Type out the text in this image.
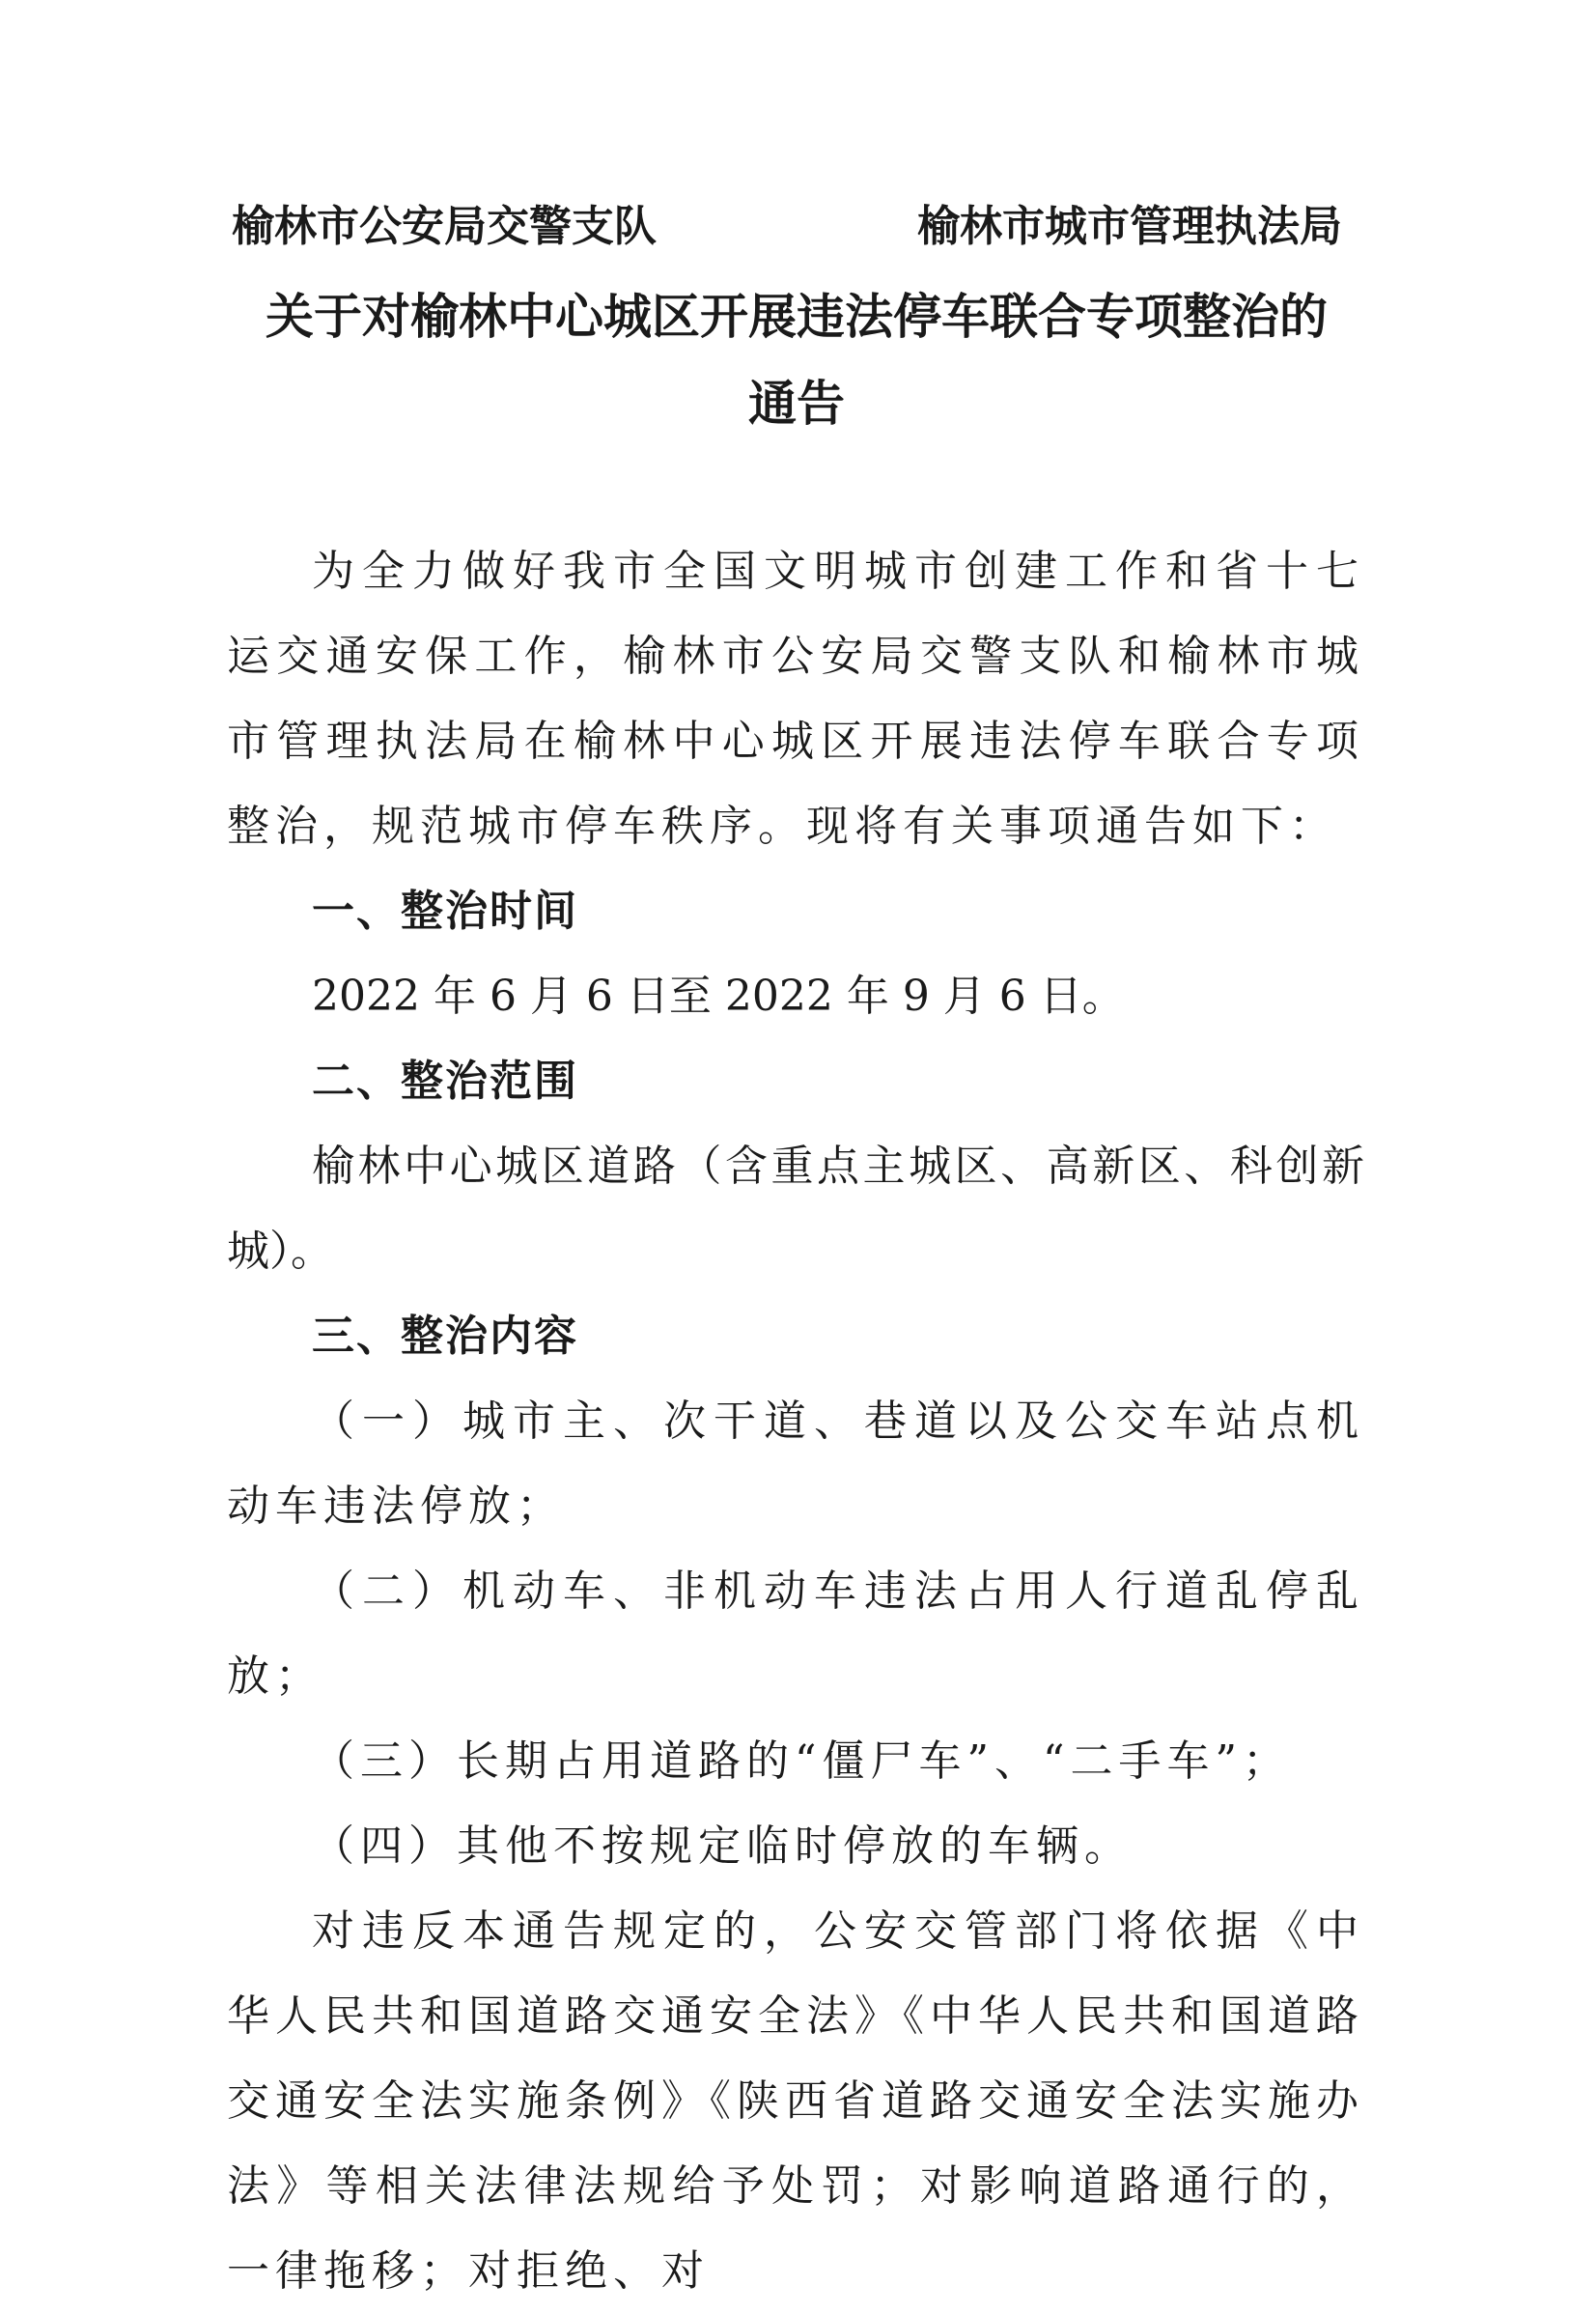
榆林市公安局交警支队	榆林市城市管理执法局
关于对榆林中心城区开展违法停车联合专项整治的
通告

为全力做好我市全国文明城市创建工作和省十七运交通安保工作，榆林市公安局交警支队和榆林市城市管理执法局在榆林中心城区开展违法停车联合专项整治，规范城市停车秩序。现将有关事项通告如下：

一、整治时间

2022 年 6 月 6 日至 2022 年 9 月 6 日。

二、整治范围

榆林中心城区道路（含重点主城区、高新区、科创新城）。

三、整治内容

（一）城市主、次干道、巷道以及公交车站点机动车违法停放；

（二）机动车、非机动车违法占用人行道乱停乱放；

（三）长期占用道路的“僵尸车”、“二手车”；

（四）其他不按规定临时停放的车辆。

对违反本通告规定的，公安交管部门将依据《中华人民共和国道路交通安全法》《中华人民共和国道路交通安全法实施条例》《陕西省道路交通安全法实施办法》等相关法律法规给予处罚；对影响道路通行的，一律拖移；对拒绝、对
